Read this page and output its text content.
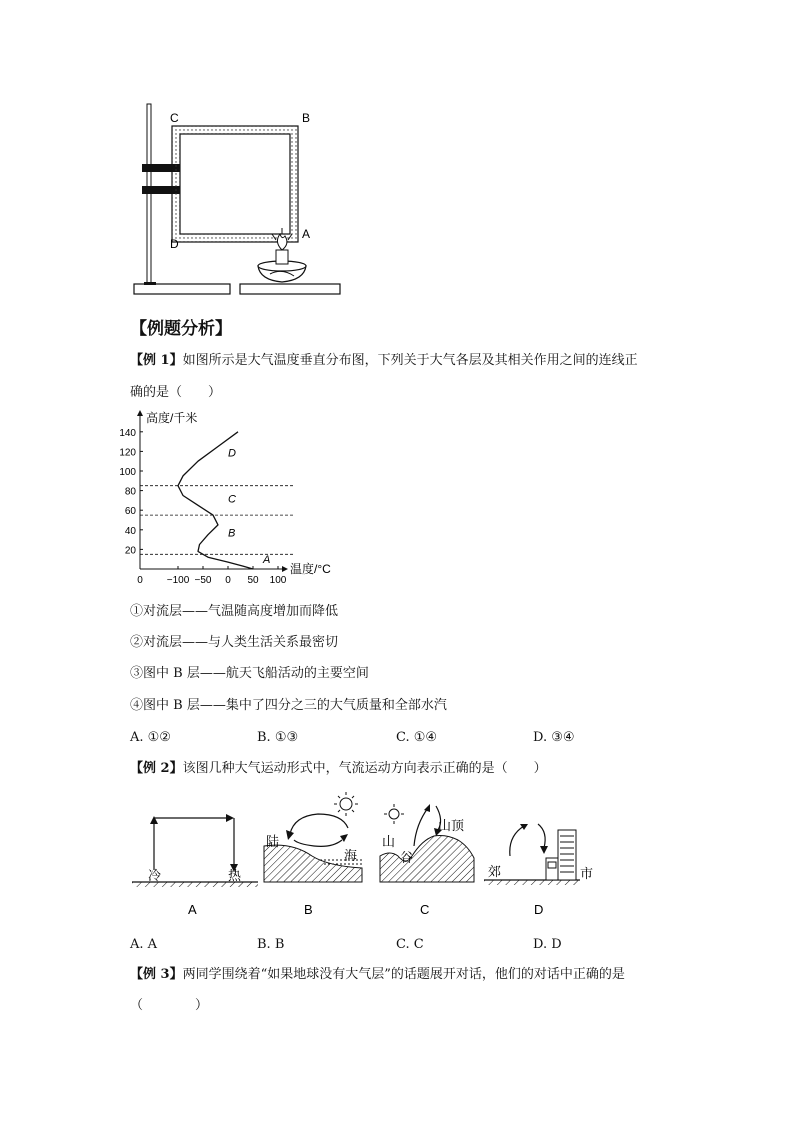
C	B
D
A
【例题分析】
【例 1】如图所示是大气温度垂直分布图，下列关于大气各层及其相关作用之间的连线正
确的是（　　）
20
40
60
80
100
120
140
0 −100 −50 0 50 100
A
B
C
D
高度/千米
温度/°C
①对流层——气温随高度增加而降低
②对流层——与人类生活关系最密切
③图中 B 层——航天飞船活动的主要空间
④图中 B 层——集中了四分之三的大气质量和全部水汽
A. ①②	B. ①③	C. ①④	D. ③④
【例 2】该图几种大气运动形式中，气流运动方向表示正确的是（　　）
冷	热
A
陆
海
B
山
谷
山顶
C
郊	市
D
A. A	B. B	C. C	D. D
【例 3】两同学围绕着“如果地球没有大气层”的话题展开对话，他们的对话中正确的是
（　　　　）
